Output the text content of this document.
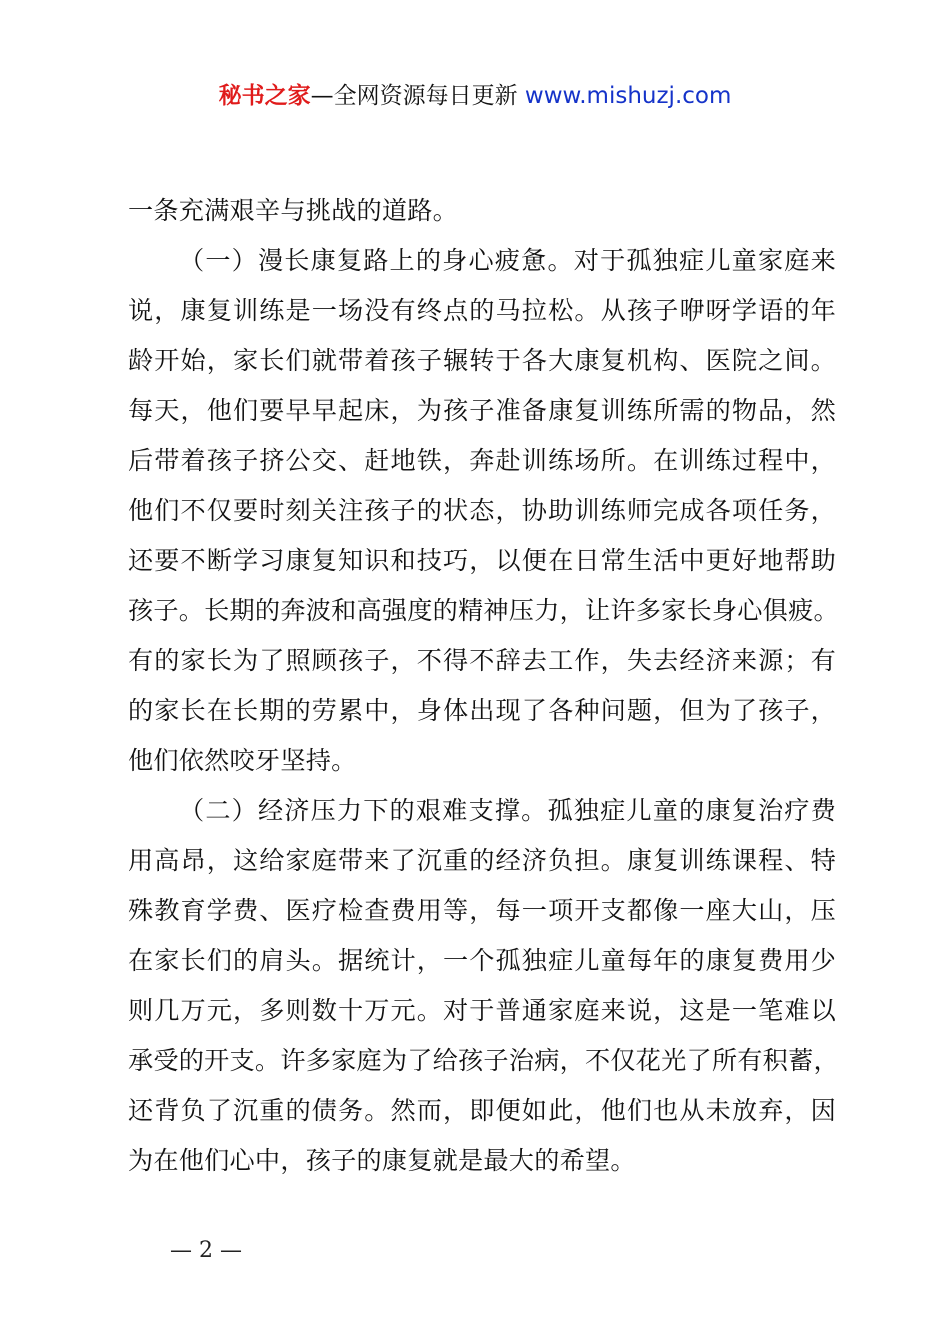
秘书之家—全网资源每日更新 www.mishuzj.com
一条充满艰辛与挑战的道路。
（一）漫长康复路上的身心疲惫。对于孤独症儿童家庭来
说，康复训练是一场没有终点的马拉松。从孩子咿呀学语的年
龄开始，家长们就带着孩子辗转于各大康复机构、医院之间。
每天，他们要早早起床，为孩子准备康复训练所需的物品，然
后带着孩子挤公交、赶地铁，奔赴训练场所。在训练过程中，
他们不仅要时刻关注孩子的状态，协助训练师完成各项任务，
还要不断学习康复知识和技巧，以便在日常生活中更好地帮助
孩子。长期的奔波和高强度的精神压力，让许多家长身心俱疲。
有的家长为了照顾孩子，不得不辞去工作，失去经济来源；有
的家长在长期的劳累中，身体出现了各种问题，但为了孩子，
他们依然咬牙坚持。
（二）经济压力下的艰难支撑。孤独症儿童的康复治疗费
用高昂，这给家庭带来了沉重的经济负担。康复训练课程、特
殊教育学费、医疗检查费用等，每一项开支都像一座大山，压
在家长们的肩头。据统计，一个孤独症儿童每年的康复费用少
则几万元，多则数十万元。对于普通家庭来说，这是一笔难以
承受的开支。许多家庭为了给孩子治病，不仅花光了所有积蓄，
还背负了沉重的债务。然而，即便如此，他们也从未放弃，因
为在他们心中，孩子的康复就是最大的希望。
— 2 —
